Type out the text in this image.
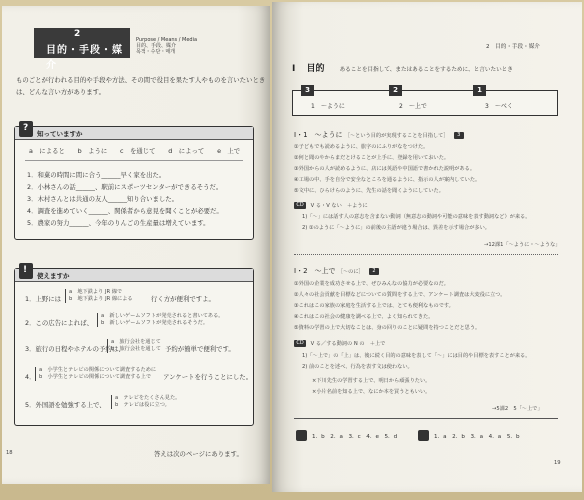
2
目的・手段・媒介
Purpose / Means / Media
目的、手段、媒介
목적・수단・매개
ものごとが行われる目的や手段や方法、その間で役目を果たす人やものを言いたいとき
は、どんな言い方があります。
?
知っていますか
a　によると　　b　ように　　c　を通じて　　d　によって　　e　上で
1．和菓の時間に間に合う______早く家を出た。
2．小林さんの話______、駅前にスポーツセンターができるそうだ。
3．木村さんとは共通の友人______知り合いました。
4．調査を進めていく______、関係者から意見を聞くことが必要だ。
5．農家の努力______、今年のりんごの生産量は増えています。
!
使えますか
1．上野には
a　地下鉄より JR 線で
b　地下鉄より JR 線による	行く方が便利ですよ。
2．この広告によれば、
a　新しいゲームソフトが発売されると書いてある。
b　新しいゲームソフトが発売されるそうだ。
3．旅行の日程やホテルの予約は、
a　旅行会社を通じて
b　旅行会社を通して 予約が簡単で便利です。
4．
a　小学生とテレビの関係について調査するために
b　小学生とテレビの関係について調査する上で	アンケートを行うことにした。
5．外国語を勉強する上で、
a　テレビをたくさん見た。
b　テレビは役に立つ。
答えは次のページにあります。
18
2　目的・手段・媒介
I 目的	あることを目指して、またはあることをするために、と言いたいとき
3
1　～ように
2
2　～上で
1
3　～べく
I・1　～ように ［～という目的が実現することを目指して］ 3
①子どもでも読めるように、旅字のにふりがなをつけた。
②何と聞のやからまだとけることが上手に、登録を用いておいた。
③外国からの人が読めるように、店には英語や中国語で書かれた説明がある。
④工場の中、手を自分で安全なところを通るように、指示の人が案内していた。
⑤文中に、ひらけらのように、先生の話を聞くようにしていた。
CD V る・V ない　＋ように
1)「～」には話す人の意志を含まない動詞（無意志の動詞や可能の意味を表す動詞など）が来る。
2) ①のように「～ように」の前後の主語が違う場合は、異差を示す場合が多い。
→12課1「～ように・～ような」
I・2　～上で ［～のに］ 2
①外国の企業を成功させる上で、ぜひみんなの協力が必要なのだ。
②人々の社会貢献を目標などについての質問をする上で、アンケート調査は大変役に立つ。
③これはこの家族の家庭を生活する上では、とても便利なものです。
④これはこの社会の健康を調べる上で、よく知られてきた。
⑤資料の学習の上で大切なことは、身の回りのことに疑問を持つことだと思う。
CD V る／する動詞の N の　＋上で
1)「～上で」の「上」は、後に続く目的の意味を表して「～」には目的や目標を表すことが来る。
2) 前のことを述べ、行為を表す文は使わない。
×下川先生の学習する上で、明日から頑張りたい。
×小片名前を知る上で、なにか本を買うともいい。
→5課2　5「～上で」
1．b　2．a　3．c　4．e　5．d	1．a　2．b　3．a　4．a　5．b
19
